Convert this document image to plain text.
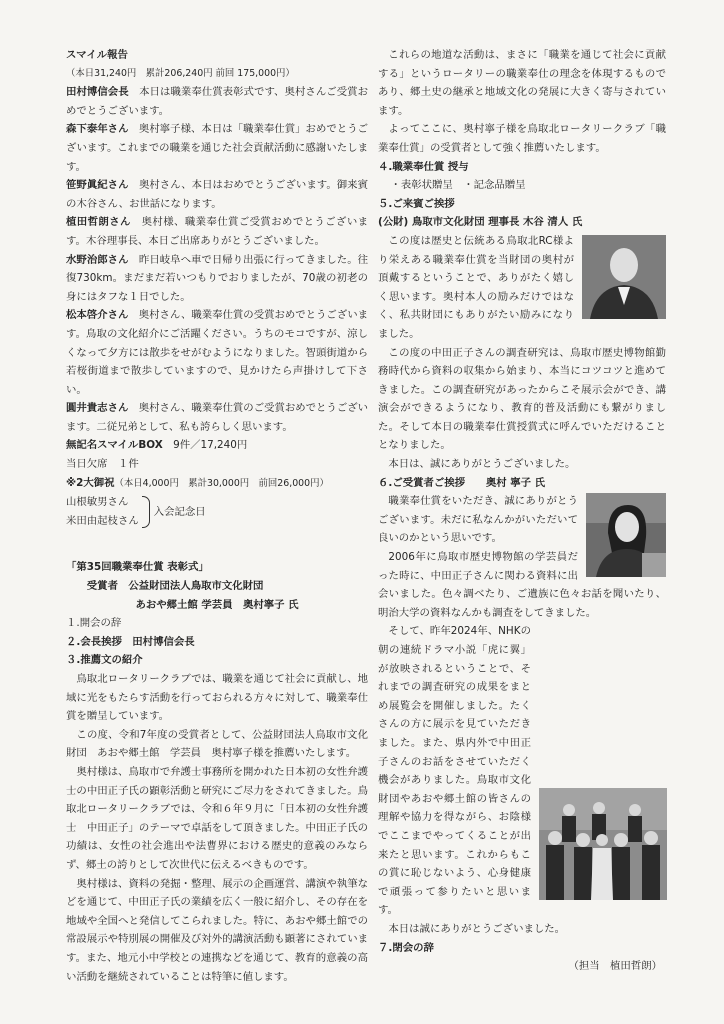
スマイル報告

（本日31,240円　累計206,240円 前回 175,000円）

田村博信会長　本日は職業奉仕賞表彰式です、奥村さんご受賞おめでとうございます。

森下泰年さん　奥村寧子様、本日は「職業奉仕賞」おめでとうございます。これまでの職業を通じた社会貢献活動に感謝いたします。

笹野眞紀さん　奥村さん、本日はおめでとうございます。御来賓の木谷さん、お世話になります。

植田哲朗さん　奥村様、職業奉仕賞ご受賞おめでとうございます。木谷理事長、本日ご出席ありがとうございました。

水野治郎さん　昨日岐阜へ車で日帰り出張に行ってきました。往復730km。まだまだ若いつもりでおりましたが、70歳の初老の身にはタフな１日でした。

松本啓介さん　奥村さん、職業奉仕賞の受賞おめでとうございます。鳥取の文化紹介にご活躍ください。うちのモコですが、涼しくなって夕方には散歩をせがむようになりました。智頭街道から若桜街道まで散歩していますので、見かけたら声掛けして下さい。

圓井貴志さん　奥村さん、職業奉仕賞のご受賞おめでとうございます。二従兄弟として、私も誇らしく思います。

無記名スマイルBOX　9件／17,240円

当日欠席　１件

※2大御祝（本日4,000円　累計30,000円　前回26,000円）

山根敏男さん

米田由起枝さん

入会記念日

「第35回職業奉仕賞 表彰式」

受賞者　公益財団法人鳥取市文化財団

あおや郷土館 学芸員　奥村寧子 氏

１.開会の辞

２.会長挨拶　田村博信会長

３.推薦文の紹介

鳥取北ロータリークラブでは、職業を通じて社会に貢献し、地域に光をもたらす活動を行っておられる方々に対して、職業奉仕賞を贈呈しています。

この度、令和7年度の受賞者として、公益財団法人鳥取市文化財団　あおや郷土館　学芸員　奥村寧子様を推薦いたします。

奥村様は、鳥取市で弁護士事務所を開かれた日本初の女性弁護士の中田正子氏の顕彰活動と研究にご尽力をされてきました。鳥取北ロータリークラブでは、令和６年９月に「日本初の女性弁護士　中田正子」のテーマで卓話をして頂きました。中田正子氏の功績は、女性の社会進出や法曹界における歴史的意義のみならず、郷土の誇りとして次世代に伝えるべきものです。

奥村様は、資料の発掘・整理、展示の企画運営、講演や執筆などを通じて、中田正子氏の業績を広く一般に紹介し、その存在を地域や全国へと発信してこられました。特に、あおや郷土館での常設展示や特別展の開催及び対外的講演活動も顕著にされています。また、地元小中学校との連携などを通じて、教育的意義の高い活動を継続されていることは特筆に値します。

これらの地道な活動は、まさに「職業を通じて社会に貢献する」というロータリーの職業奉仕の理念を体現するものであり、郷土史の継承と地域文化の発展に大きく寄与されています。

よってここに、奥村寧子様を鳥取北ロータリークラブ「職業奉仕賞」の受賞者として強く推薦いたします。

４.職業奉仕賞 授与

・表彰状贈呈　・記念品贈呈

５.ご来賓ご挨拶

(公財) 鳥取市文化財団 理事長 木谷 清人 氏

この度は歴史と伝統ある鳥取北RC様より栄えある職業奉仕賞を当財団の奥村が頂戴するということで、ありがたく嬉しく思います。奥村本人の励みだけではなく、私共財団にもありがたい励みになりました。

この度の中田正子さんの調査研究は、鳥取市歴史博物館勤務時代から資料の収集から始まり、本当にコツコツと進めてきました。この調査研究があったからこそ展示会ができ、講演会ができるようになり、教育的普及活動にも繋がりました。そして本日の職業奉仕賞授賞式に呼んでいただけることとなりました。

本日は、誠にありがとうございました。

６.ご受賞者ご挨拶　　奥村 寧子 氏

職業奉仕賞をいただき、誠にありがとうございます。未だに私なんかがいただいて良いのかという思いです。

2006年に鳥取市歴史博物館の学芸員だった時に、中田正子さんに関わる資料に出会いました。色々調べたり、ご遺族に色々お話を聞いたり、明治大学の資料なんかも調査をしてきました。

そして、昨年2024年、NHKの朝の連続ドラマ小説「虎に翼」が放映されるということで、それまでの調査研究の成果をまとめ展覧会を開催しました。たくさんの方に展示を見ていただきました。また、県内外で中田正子さんのお話をさせていただく機会がありました。鳥取市文化財団やあおや郷土館の皆さんの理解や協力を得ながら、お陰様でここまでやってくることが出来たと思います。これからもこの賞に恥じないよう、心身健康で頑張って参りたいと思います。

本日は誠にありがとうございました。

７.閉会の辞

（担当　植田哲朗）
